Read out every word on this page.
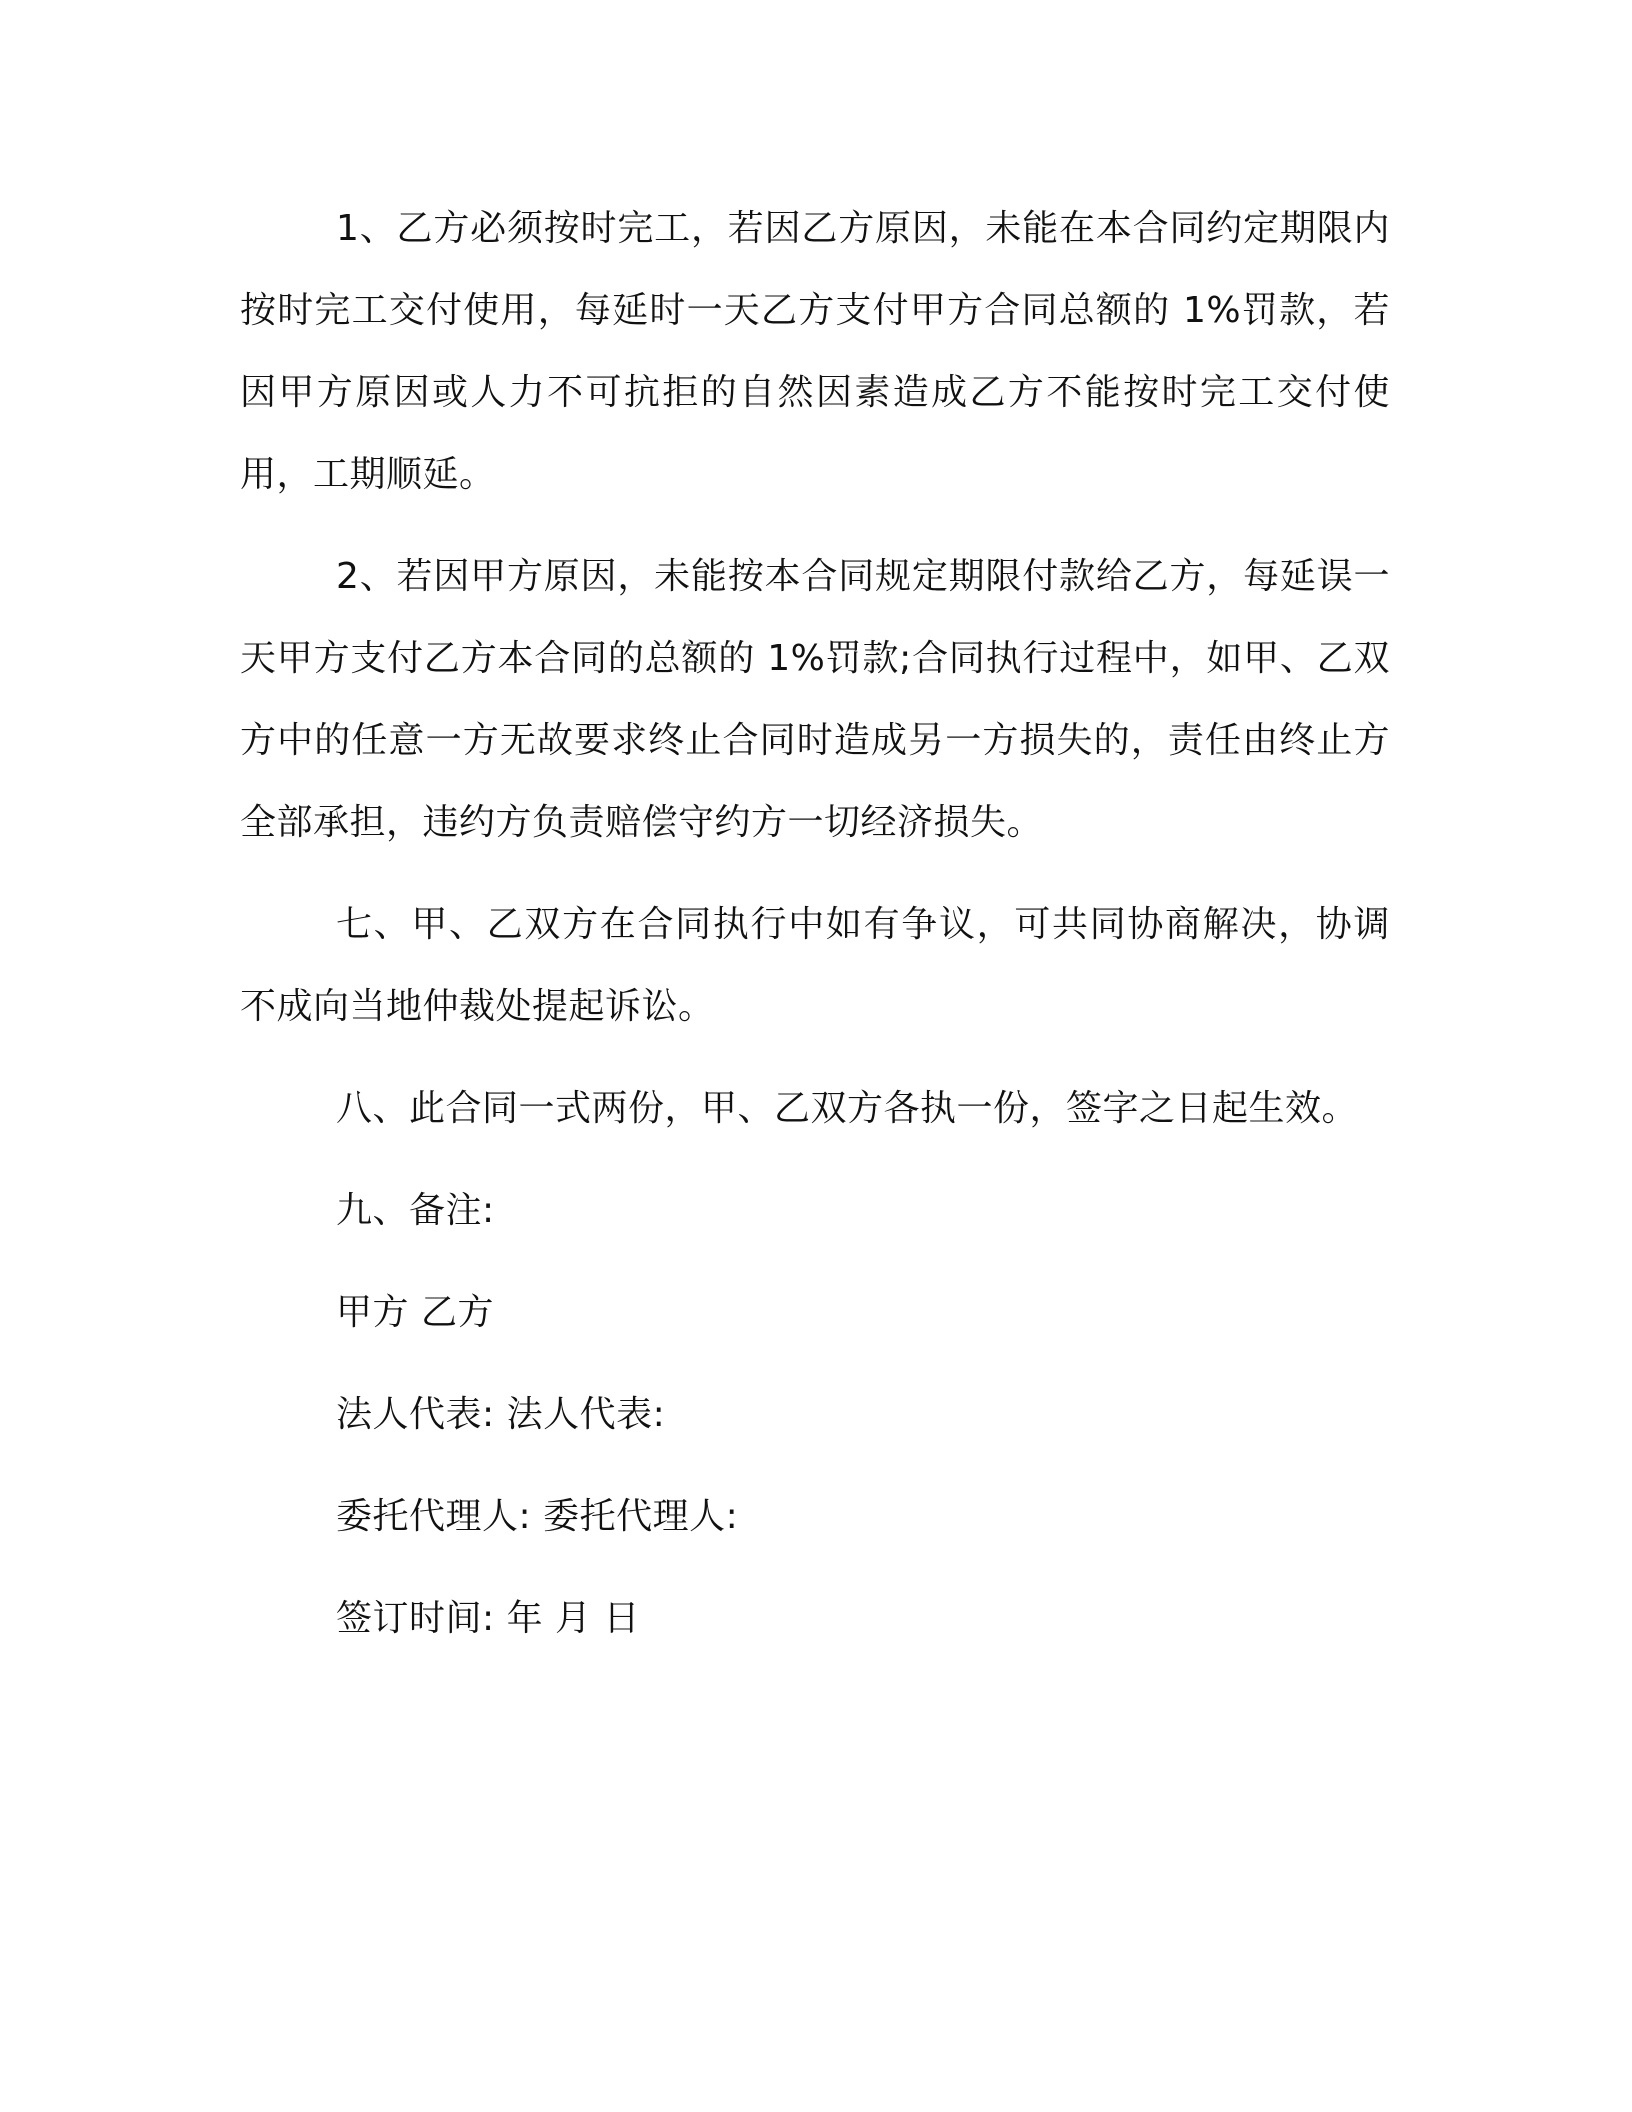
1、乙方必须按时完工，若因乙方原因，未能在本合同约定期限内按时完工交付使用，每延时一天乙方支付甲方合同总额的 1%罚款，若因甲方原因或人力不可抗拒的自然因素造成乙方不能按时完工交付使用，工期顺延。

2、若因甲方原因，未能按本合同规定期限付款给乙方，每延误一天甲方支付乙方本合同的总额的 1%罚款;合同执行过程中，如甲、乙双方中的任意一方无故要求终止合同时造成另一方损失的，责任由终止方全部承担，违约方负责赔偿守约方一切经济损失。

七、甲、乙双方在合同执行中如有争议，可共同协商解决，协调不成向当地仲裁处提起诉讼。

八、此合同一式两份，甲、乙双方各执一份，签字之日起生效。

九、备注:

甲方 乙方

法人代表: 法人代表:

委托代理人: 委托代理人:

签订时间: 年 月 日
